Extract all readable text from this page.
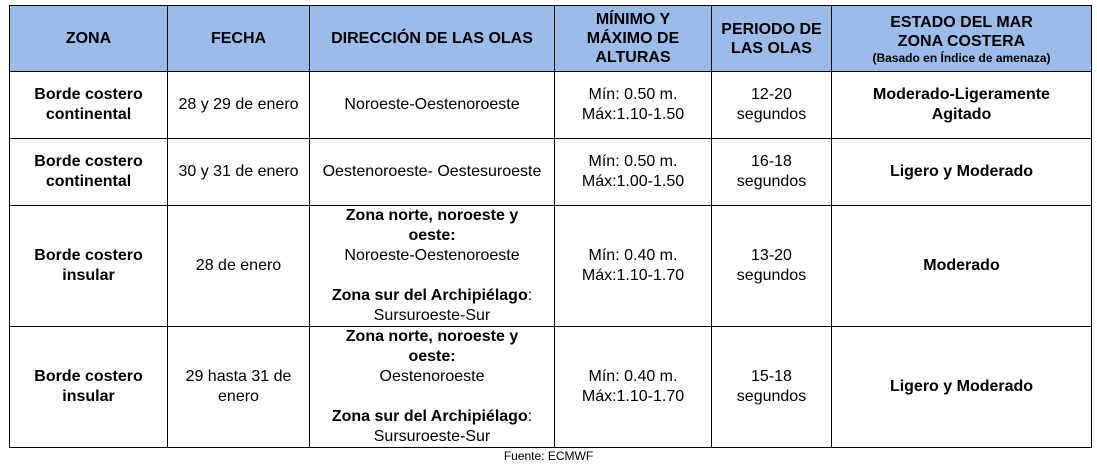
ZONA	FECHA	DIRECCIÓN DE LAS OLAS	MÍNIMO Y
MÁXIMO DE
ALTURAS	PERIODO DE
LAS OLAS	ESTADO DEL MAR
ZONA COSTERA
(Basado en Índice de amenaza)

Borde costero
continental	28 y 29 de enero	Noroeste-Oestenoroeste	Mín: 0.50 m.
Máx:1.10-1.50	12-20
segundos	Moderado-Ligeramente
Agitado

Borde costero
continental	30 y 31 de enero	Oestenoroeste- Oestesuroeste	Mín: 0.50 m.
Máx:1.00-1.50	16-18
segundos	Ligero y Moderado

Borde costero
insular	28 de enero	Zona norte, noroeste y
oeste:
Noroeste-Oestenoroeste
Zona sur del Archipiélago:
Sursuroeste-Sur	Mín: 0.40 m.
Máx:1.10-1.70	13-20
segundos	Moderado

Borde costero
insular	29 hasta 31 de
enero	Zona norte, noroeste y
oeste:
Oestenoroeste
Zona sur del Archipiélago:
Sursuroeste-Sur	Mín: 0.40 m.
Máx:1.10-1.70	15-18
segundos	Ligero y Moderado
Fuente: ECMWF
